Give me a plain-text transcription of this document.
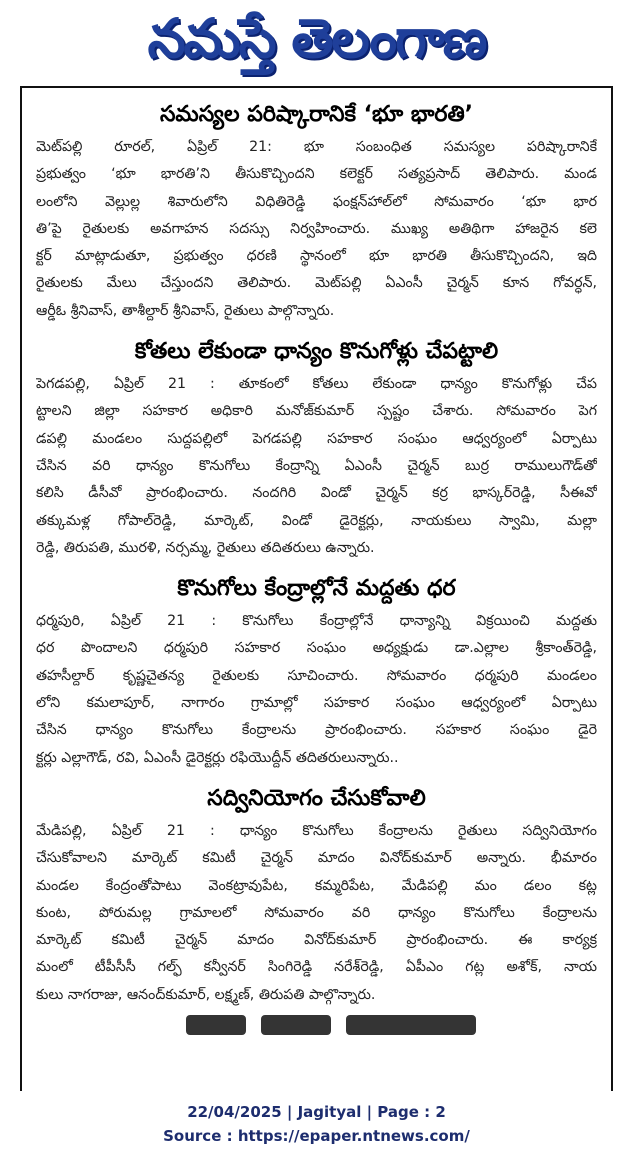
నమస్తే తెలంగాణ
సమస్యల పరిష్కారానికే ‘భూ భారతి’
మెట్‌పల్లి రూరల్, ఏప్రిల్ 21: భూ సంబంధిత సమస్యల పరిష్కారానికే
ప్రభుత్వం ‘భూ భారతి’ని తీసుకొచ్చిందని కలెక్టర్ సత్యప్రసాద్ తెలిపారు. మండ
లంలోని వెల్లుల్ల శివారులోని విధితిరెడ్డి ఫంక్షన్‌హాల్‌లో సోమవారం ‘భూ భార
తి’పై రైతులకు అవగాహన సదస్సు నిర్వహించారు. ముఖ్య అతిథిగా హాజరైన కలె
క్టర్ మాట్లాడుతూ, ప్రభుత్వం ధరణి స్థానంలో భూ భారతి తీసుకొచ్చిందని, ఇది
రైతులకు మేలు చేస్తుందని తెలిపారు. మెట్‌పల్లి ఏఎంసీ చైర్మన్ కూన గోవర్ధన్,
ఆర్డీఓ శ్రీనివాస్, తాశీల్దార్ శ్రీనివాస్, రైతులు పాల్గొన్నారు.
కోతలు లేకుండా ధాన్యం కొనుగోళ్లు చేపట్టాలి
పెగడపల్లి, ఏప్రిల్ 21 : తూకంలో కోతలు లేకుండా ధాన్యం కొనుగోళ్లు చేప
ట్టాలని జిల్లా సహకార అధికారి మనోజ్‌కుమార్ స్పష్టం చేశారు. సోమవారం పెగ
డపల్లి మండలం సుద్దపల్లిలో పెగడపల్లి సహకార సంఘం ఆధ్వర్యంలో ఏర్పాటు
చేసిన వరి ధాన్యం కొనుగోలు కేంద్రాన్ని ఏఎంసీ చైర్మన్ బుర్ర రాములుగౌడ్‌తో
కలిసి డీసీవో ప్రారంభించారు. నందగిరి విండో చైర్మన్ కర్ర భాస్కర్‌రెడ్డి, సీఈవో
తక్కుమళ్ల గోపాల్‌రెడ్డి, మార్కెట్, విండో డైరెక్టర్లు, నాయకులు స్వామి, మల్లా
రెడ్డి, తిరుపతి, మురళి, నర్సమ్మ, రైతులు తదితరులు ఉన్నారు.
కొనుగోలు కేంద్రాల్లోనే మద్దతు ధర
ధర్మపురి, ఏప్రిల్ 21 : కొనుగోలు కేంద్రాల్లోనే ధాన్యాన్ని విక్రయించి మద్దతు
ధర పొందాలని ధర్మపురి సహకార సంఘం అధ్యక్షుడు డా.ఎల్లాల శ్రీకాంత్‌రెడ్డి,
తహసీల్దార్ కృష్ణచైతన్య రైతులకు సూచించారు. సోమవారం ధర్మపురి మండలం
లోని కమలాపూర్, నాగారం గ్రామాల్లో సహకార సంఘం ఆధ్వర్యంలో ఏర్పాటు
చేసిన ధాన్యం కొనుగోలు కేంద్రాలను ప్రారంభించారు. సహకార సంఘం డైరె
క్టర్లు ఎల్లాగౌడ్, రవి, ఏఎంసీ డైరెక్టర్లు రఫియొద్దీన్ తదితరులున్నారు..
సద్వినియోగం చేసుకోవాలి
మేడిపల్లి, ఏప్రిల్ 21 : ధాన్యం కొనుగోలు కేంద్రాలను రైతులు సద్వినియోగం
చేసుకోవాలని మార్కెట్ కమిటీ చైర్మన్ మాదం వినోద్‌కుమార్ అన్నారు. భీమారం
మండల కేంద్రంతోపాటు వెంకట్రావుపేట, కమ్మరిపేట, మేడిపల్లి మం డలం కట్ల
కుంట, పోరుమల్ల గ్రామాలలో సోమవారం వరి ధాన్యం కొనుగోలు కేంద్రాలను
మార్కెట్ కమిటీ చైర్మన్ మాదం వినోద్‌కుమార్ ప్రారంభించారు. ఈ కార్యక్ర
మంలో టీపీసీసీ గల్ఫ్ కన్వీనర్ సింగిరెడ్డి నరేశ్‌రెడ్డి, ఏపీఎం గట్ల అశోక్, నాయ
కులు నాగరాజు, ఆనంద్‌కుమార్, లక్ష్మణ్, తిరుపతి పాల్గొన్నారు.
22/04/2025 | Jagityal | Page : 2
Source : https://epaper.ntnews.com/
